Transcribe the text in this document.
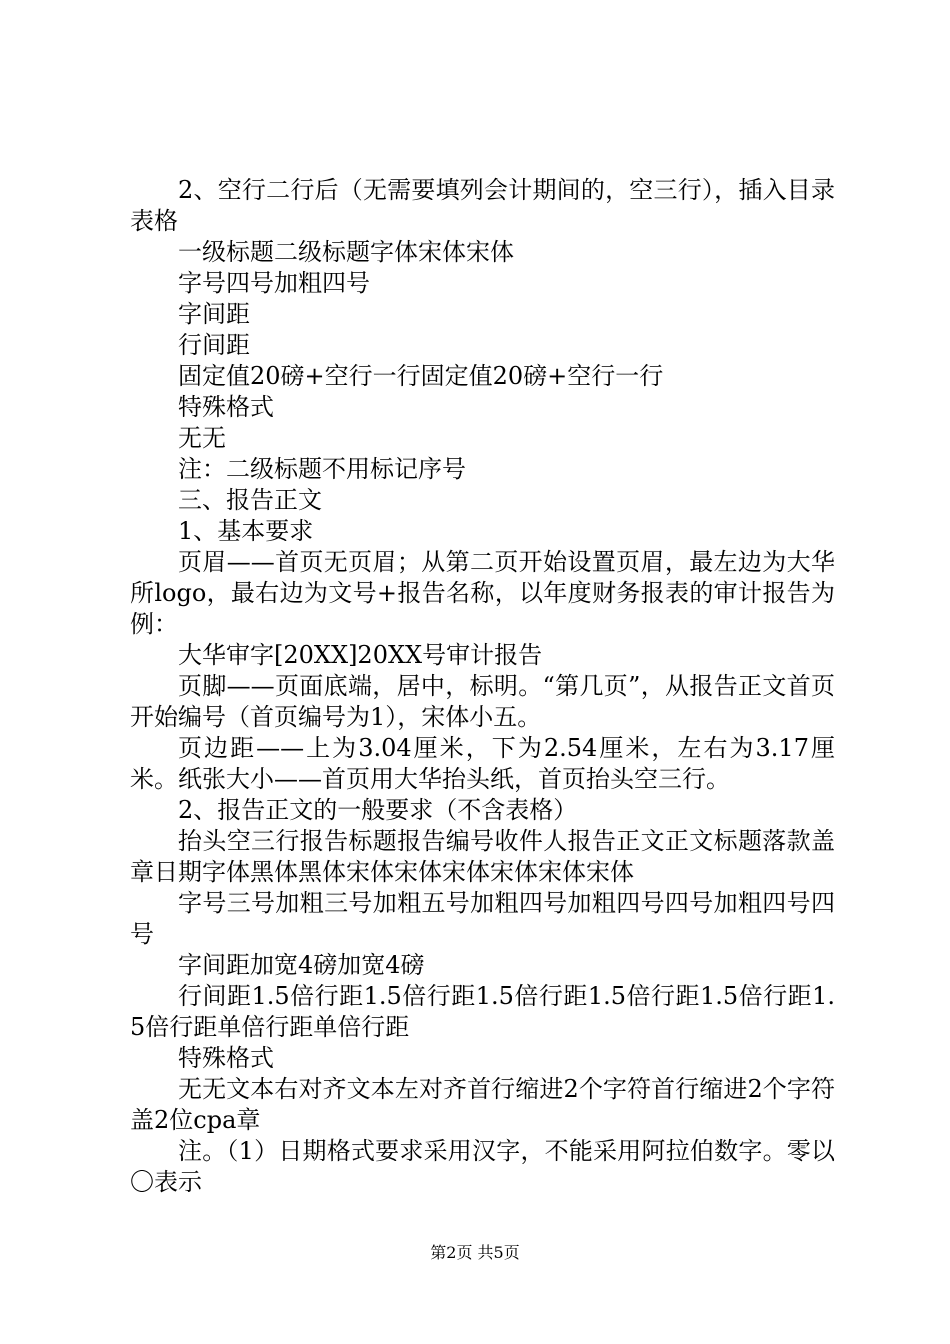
2、空行二行后（无需要填列会计期间的，空三行），插入目录表格

一级标题二级标题字体宋体宋体

字号四号加粗四号

字间距

行间距

固定值20磅+空行一行固定值20磅+空行一行

特殊格式

无无

注：二级标题不用标记序号

三、报告正文

1、基本要求

页眉——首页无页眉；从第二页开始设置页眉，最左边为大华所logo，最右边为文号+报告名称，以年度财务报表的审计报告为例：

大华审字[20XX]20XX号审计报告

页脚——页面底端，居中，标明。“第几页”，从报告正文首页开始编号（首页编号为1），宋体小五。

页边距——上为3.04厘米，下为2.54厘米，左右为3.17厘米。纸张大小——首页用大华抬头纸，首页抬头空三行。

2、报告正文的一般要求（不含表格）

抬头空三行报告标题报告编号收件人报告正文正文标题落款盖章日期字体黑体黑体宋体宋体宋体宋体宋体宋体

字号三号加粗三号加粗五号加粗四号加粗四号四号加粗四号四号

字间距加宽4磅加宽4磅

行间距1.5倍行距1.5倍行距1.5倍行距1.5倍行距1.5倍行距1.5倍行距单倍行距单倍行距

特殊格式

无无文本右对齐文本左对齐首行缩进2个字符首行缩进2个字符盖2位cpa章

注。（1）日期格式要求采用汉字，不能采用阿拉伯数字。零以〇表示

第2页 共5页
